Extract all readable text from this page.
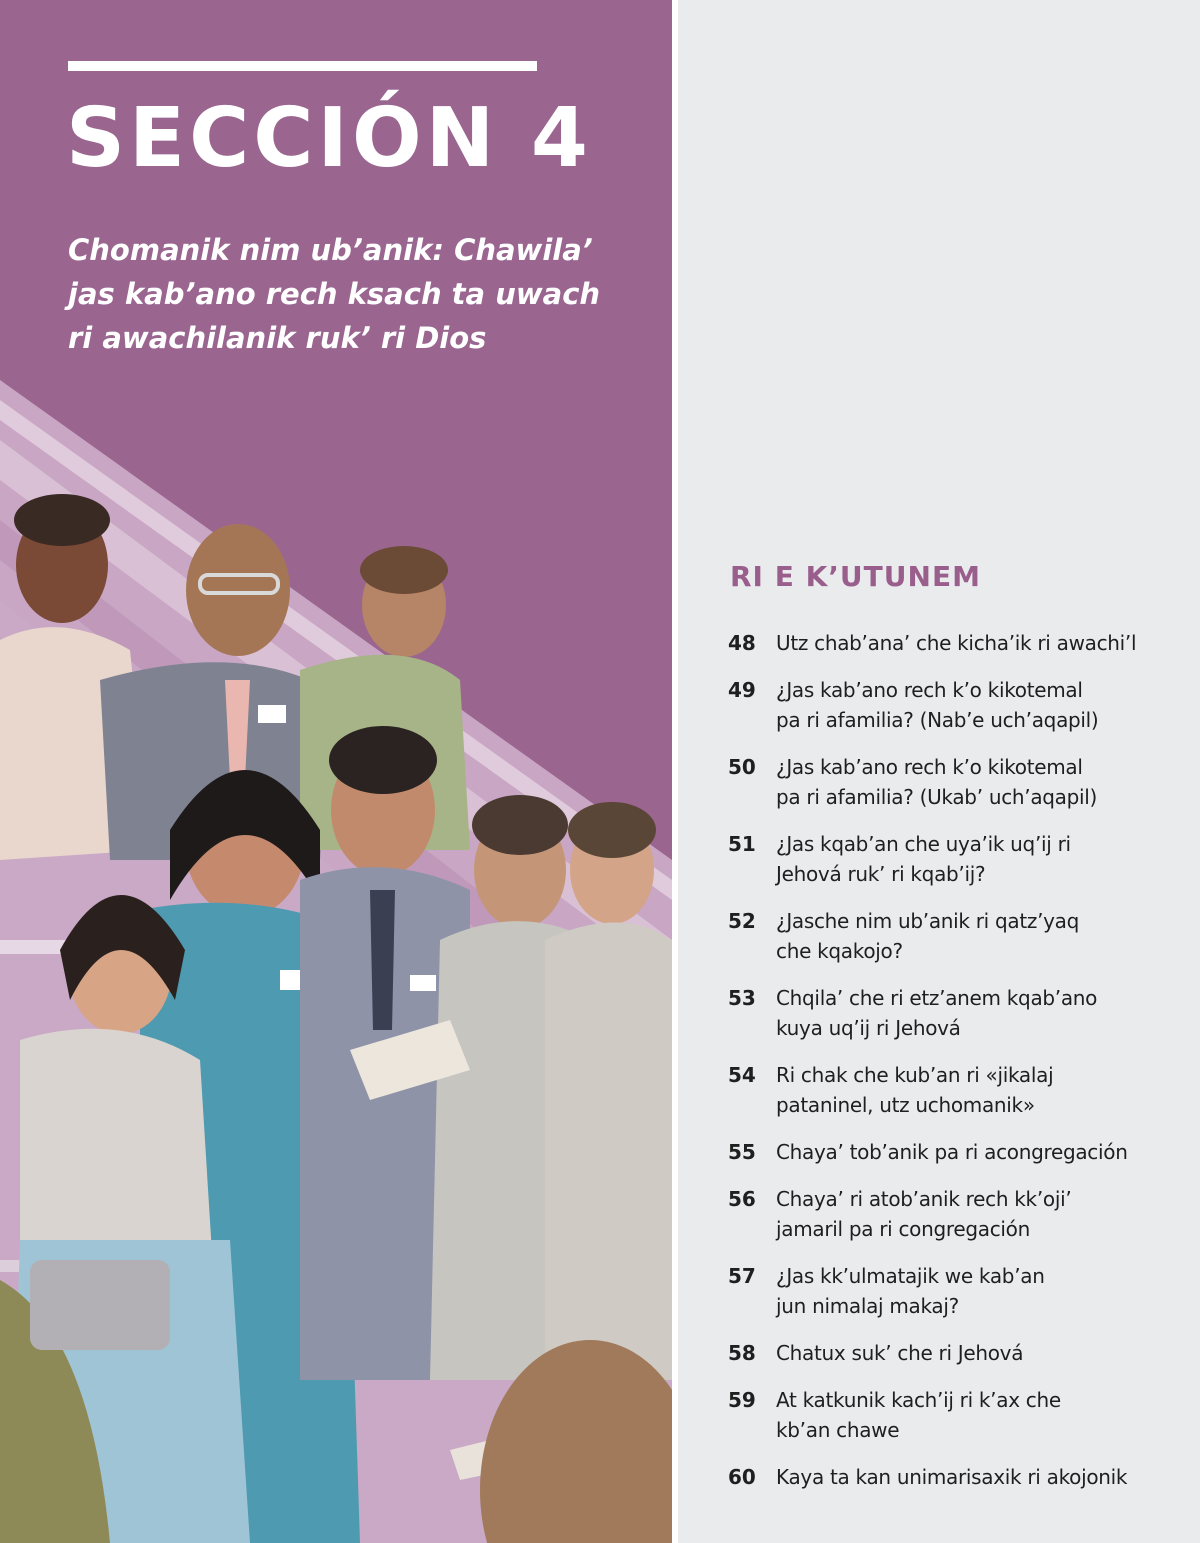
SECCIÓN 4
Chomanik nim ub’anik: Chawila’
jas kab’ano rech ksach ta uwach
ri awachilanik ruk’ ri Dios
RI E K’UTUNEM
48	Utz chab’ana’ che kicha’ik ri awachi’l
49	¿Jas kab’ano rech k’o kikotemal
pa ri afamilia? (Nab’e uch’aqapil)
50	¿Jas kab’ano rech k’o kikotemal
pa ri afamilia? (Ukab’ uch’aqapil)
51	¿Jas kqab’an che uya’ik uq’ij ri
Jehová ruk’ ri kqab’ij?
52	¿Jasche nim ub’anik ri qatz’yaq
che kqakojo?
53	Chqila’ che ri etz’anem kqab’ano
kuya uq’ij ri Jehová
54	Ri chak che kub’an ri «jikalaj
pataninel, utz uchomanik»
55	Chaya’ tob’anik pa ri acongregación
56	Chaya’ ri atob’anik rech kk’oji’
jamaril pa ri congregación
57	¿Jas kk’ulmatajik we kab’an
jun nimalaj makaj?
58	Chatux suk’ che ri Jehová
59	At katkunik kach’ij ri k’ax che
kb’an chawe
60	Kaya ta kan unimarisaxik ri akojonik
